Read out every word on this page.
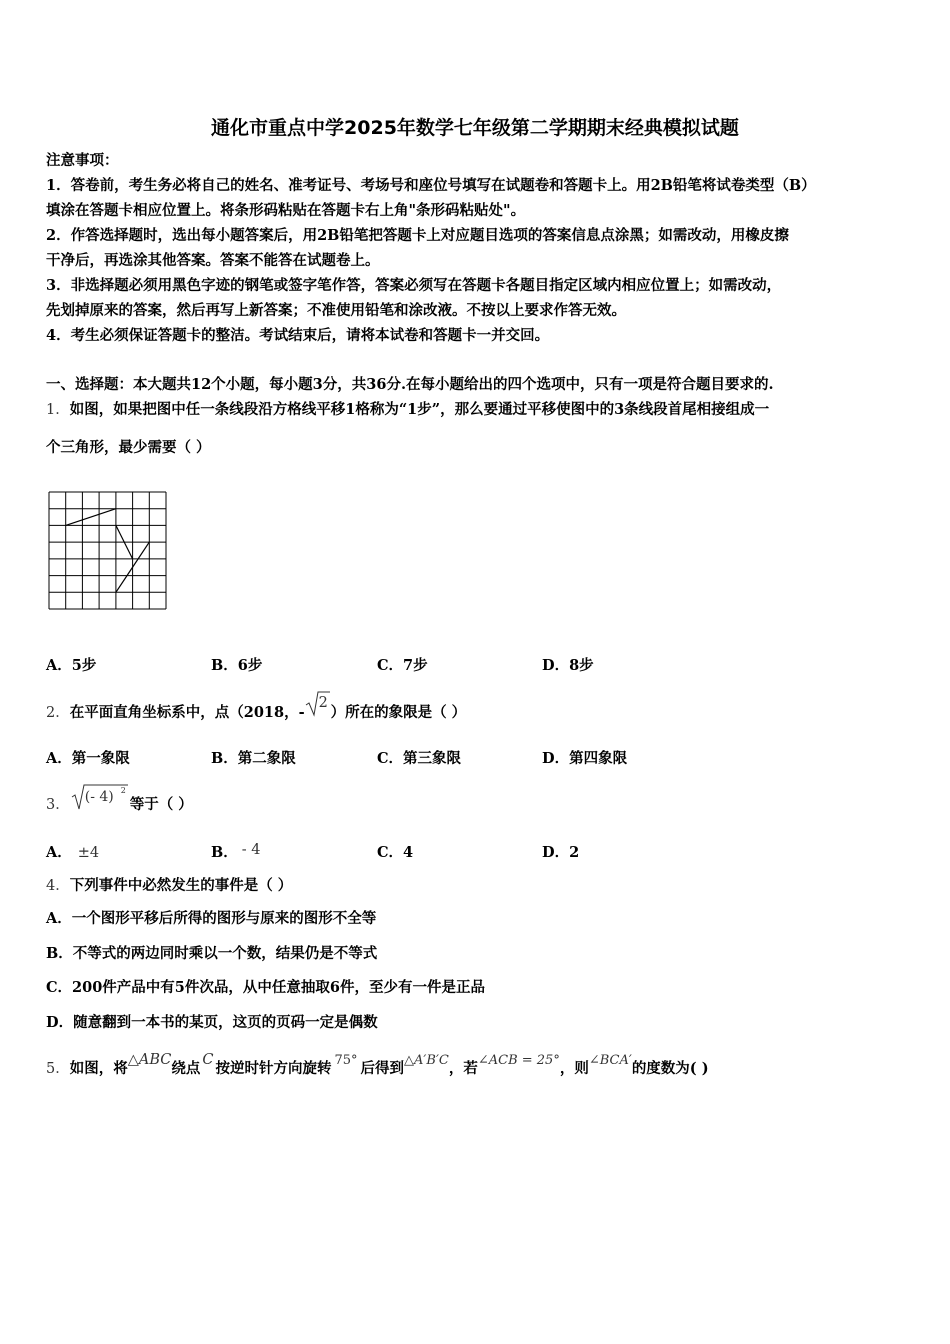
通化市重点中学2025年数学七年级第二学期期末经典模拟试题
注意事项：
1．答卷前，考生务必将自己的姓名、准考证号、考场号和座位号填写在试题卷和答题卡上。用2B铅笔将试卷类型（B）
填涂在答题卡相应位置上。将条形码粘贴在答题卡右上角"条形码粘贴处"。
2．作答选择题时，选出每小题答案后，用2B铅笔把答题卡上对应题目选项的答案信息点涂黑；如需改动，用橡皮擦
干净后，再选涂其他答案。答案不能答在试题卷上。
3．非选择题必须用黑色字迹的钢笔或签字笔作答，答案必须写在答题卡各题目指定区域内相应位置上；如需改动，
先划掉原来的答案，然后再写上新答案；不准使用铅笔和涂改液。不按以上要求作答无效。
4．考生必须保证答题卡的整洁。考试结束后，请将本试卷和答题卡一并交回。
一、选择题：本大题共12个小题，每小题3分，共36分.在每小题给出的四个选项中，只有一项是符合题目要求的.
1．如图，如果把图中任一条线段沿方格线平移1格称为“1步”，那么要通过平移使图中的3条线段首尾相接组成一
个三角形，最少需要（ ）
A．5步	B．6步	C．7步	D．8步
2．在平面直角坐标系中，点（2018，-
2
）所在的象限是（ ）
A．第一象限	B．第二象限	C．第三象限	D．第四象限
3． (- 4) 2
等于（ ）
A． ±4	B． - 4	C．4	D．2
4．下列事件中必然发生的事件是（ ）
A．一个图形平移后所得的图形与原来的图形不全等
B．不等式的两边同时乘以一个数，结果仍是不等式
C．200件产品中有5件次品，从中任意抽取6件，至少有一件是正品
D．随意翻到一本书的某页，这页的页码一定是偶数
5．如图，将△ABC绕点 C 按逆时针方向旋转 75° 后得到△A′B′C，若∠ACB = 25°，则∠BCA′的度数为( )
